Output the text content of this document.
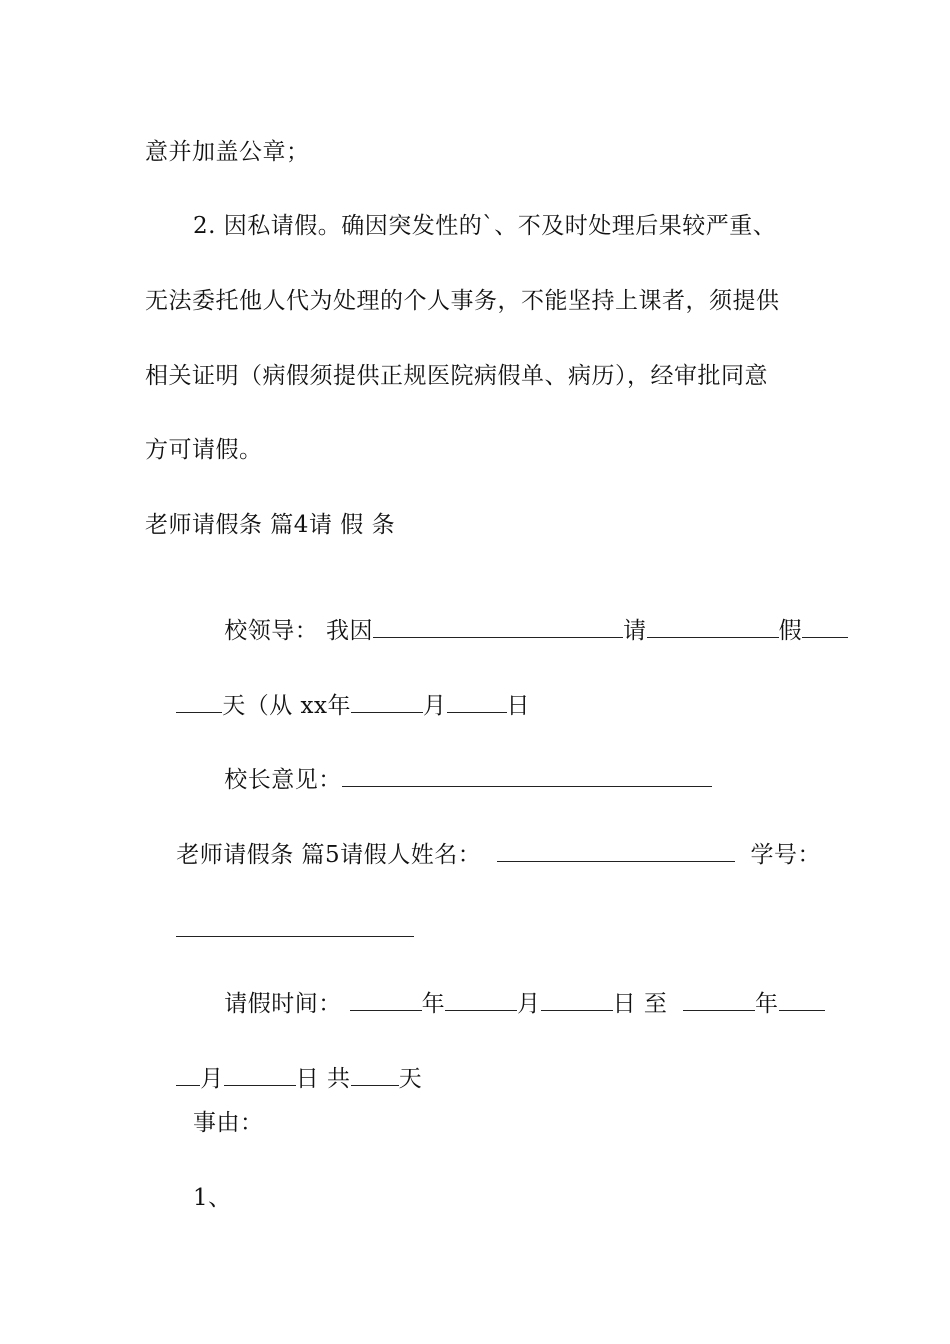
意并加盖公章；
2. 因私请假。确因突发性的`、不及时处理后果较严重、
无法委托他人代为处理的个人事务，不能坚持上课者，须提供
相关证明（病假须提供正规医院病假单、病历），经审批同意
方可请假。
老师请假条 篇4请 假 条

校领导： 我因	请	假

天（从 xx年	月	日

校长意见：

老师请假条 篇5请假人姓名：	学号：

请假时间：	年	月	日 至	年

月	日 共 天

事由：
1、
